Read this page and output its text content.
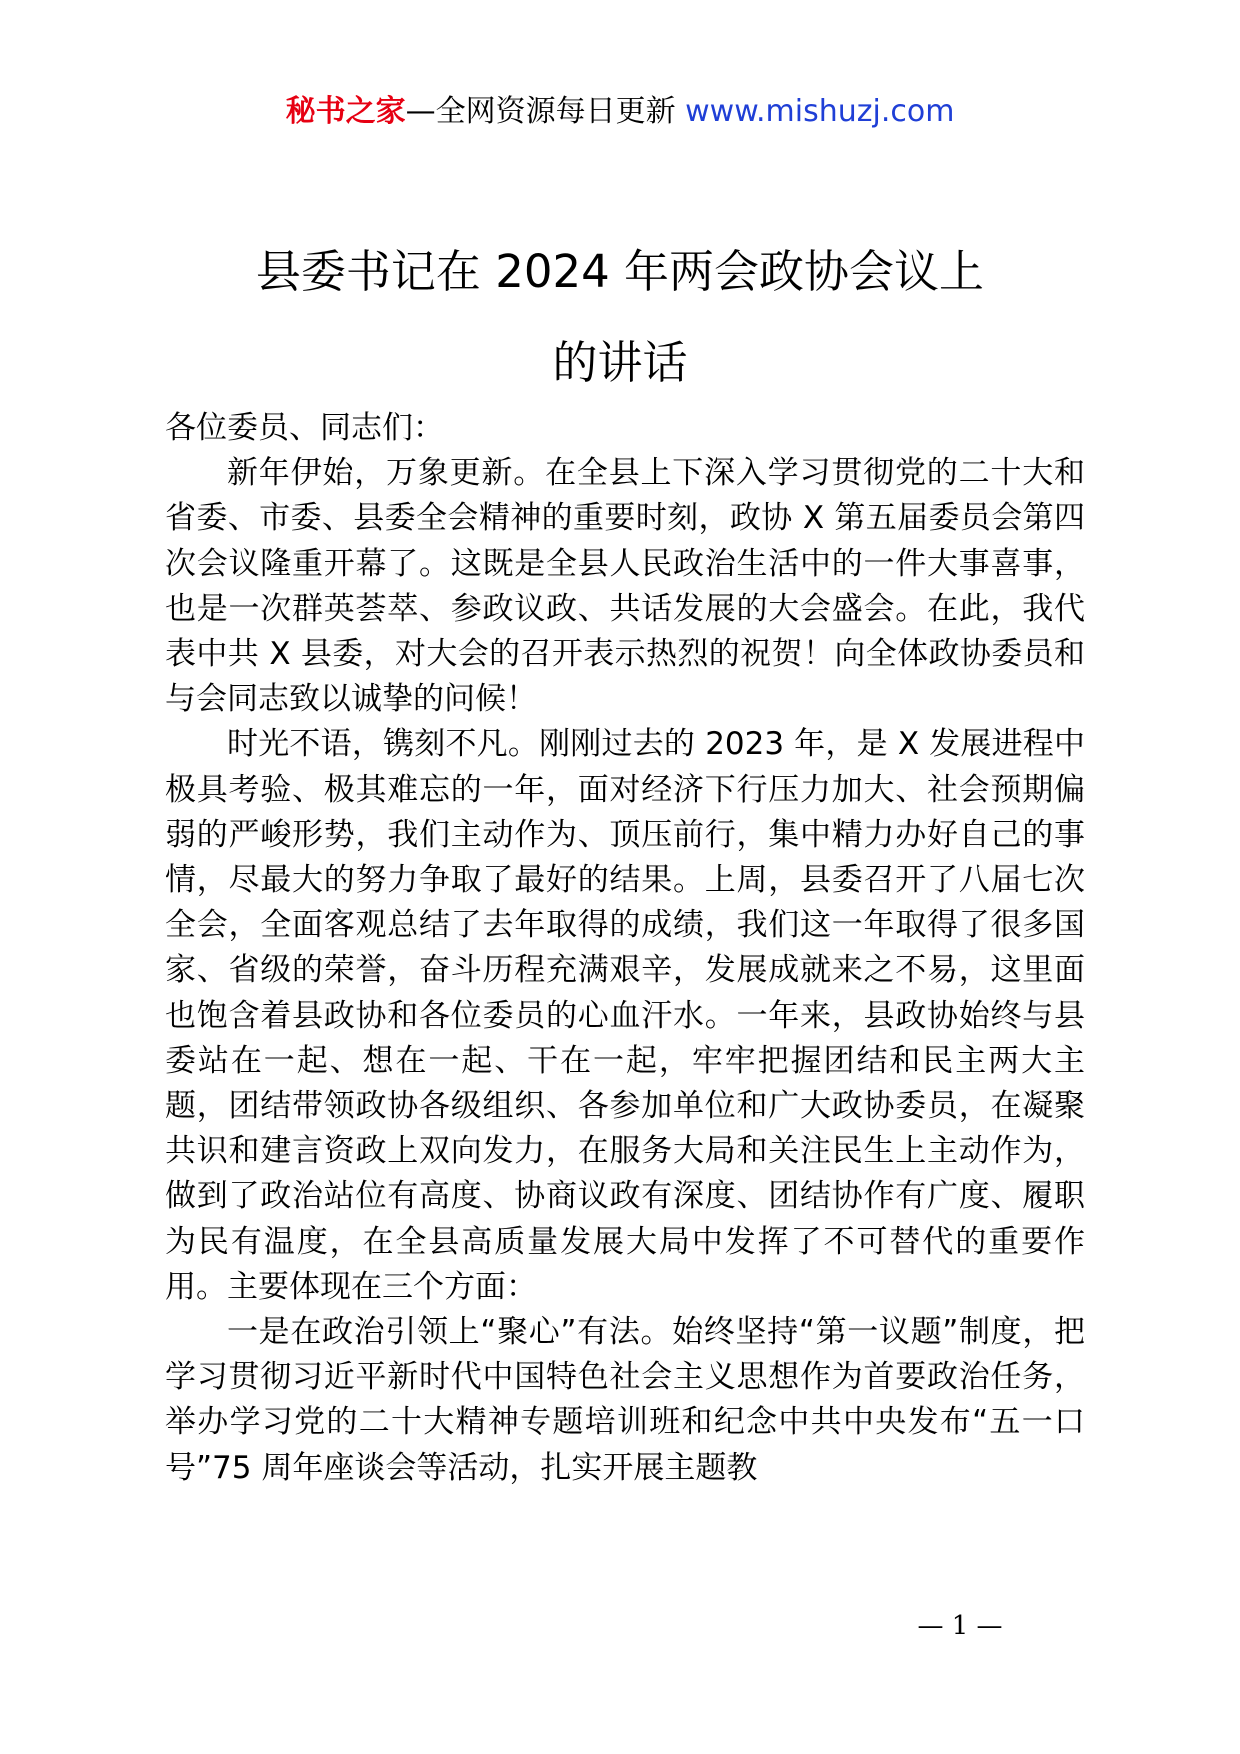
秘书之家—全网资源每日更新 www.mishuzj.com
县委书记在 2024 年两会政协会议上
的讲话

各位委员、同志们：

新年伊始，万象更新。在全县上下深入学习贯彻党的二十大和省委、市委、县委全会精神的重要时刻，政协 X 第五届委员会第四次会议隆重开幕了。这既是全县人民政治生活中的一件大事喜事，也是一次群英荟萃、参政议政、共话发展的大会盛会。在此，我代表中共 X 县委，对大会的召开表示热烈的祝贺！向全体政协委员和与会同志致以诚挚的问候！

时光不语，镌刻不凡。刚刚过去的 2023 年，是 X 发展进程中极具考验、极其难忘的一年，面对经济下行压力加大、社会预期偏弱的严峻形势，我们主动作为、顶压前行，集中精力办好自己的事情，尽最大的努力争取了最好的结果。上周，县委召开了八届七次全会，全面客观总结了去年取得的成绩，我们这一年取得了很多国家、省级的荣誉，奋斗历程充满艰辛，发展成就来之不易，这里面也饱含着县政协和各位委员的心血汗水。一年来，县政协始终与县委站在一起、想在一起、干在一起，牢牢把握团结和民主两大主题，团结带领政协各级组织、各参加单位和广大政协委员，在凝聚共识和建言资政上双向发力，在服务大局和关注民生上主动作为，做到了政治站位有高度、协商议政有深度、团结协作有广度、履职为民有温度，在全县高质量发展大局中发挥了不可替代的重要作用。主要体现在三个方面：

一是在政治引领上“聚心”有法。始终坚持“第一议题”制度，把学习贯彻习近平新时代中国特色社会主义思想作为首要政治任务，举办学习党的二十大精神专题培训班和纪念中共中央发布“五一口号”75 周年座谈会等活动，扎实开展主题教

— 1 —
